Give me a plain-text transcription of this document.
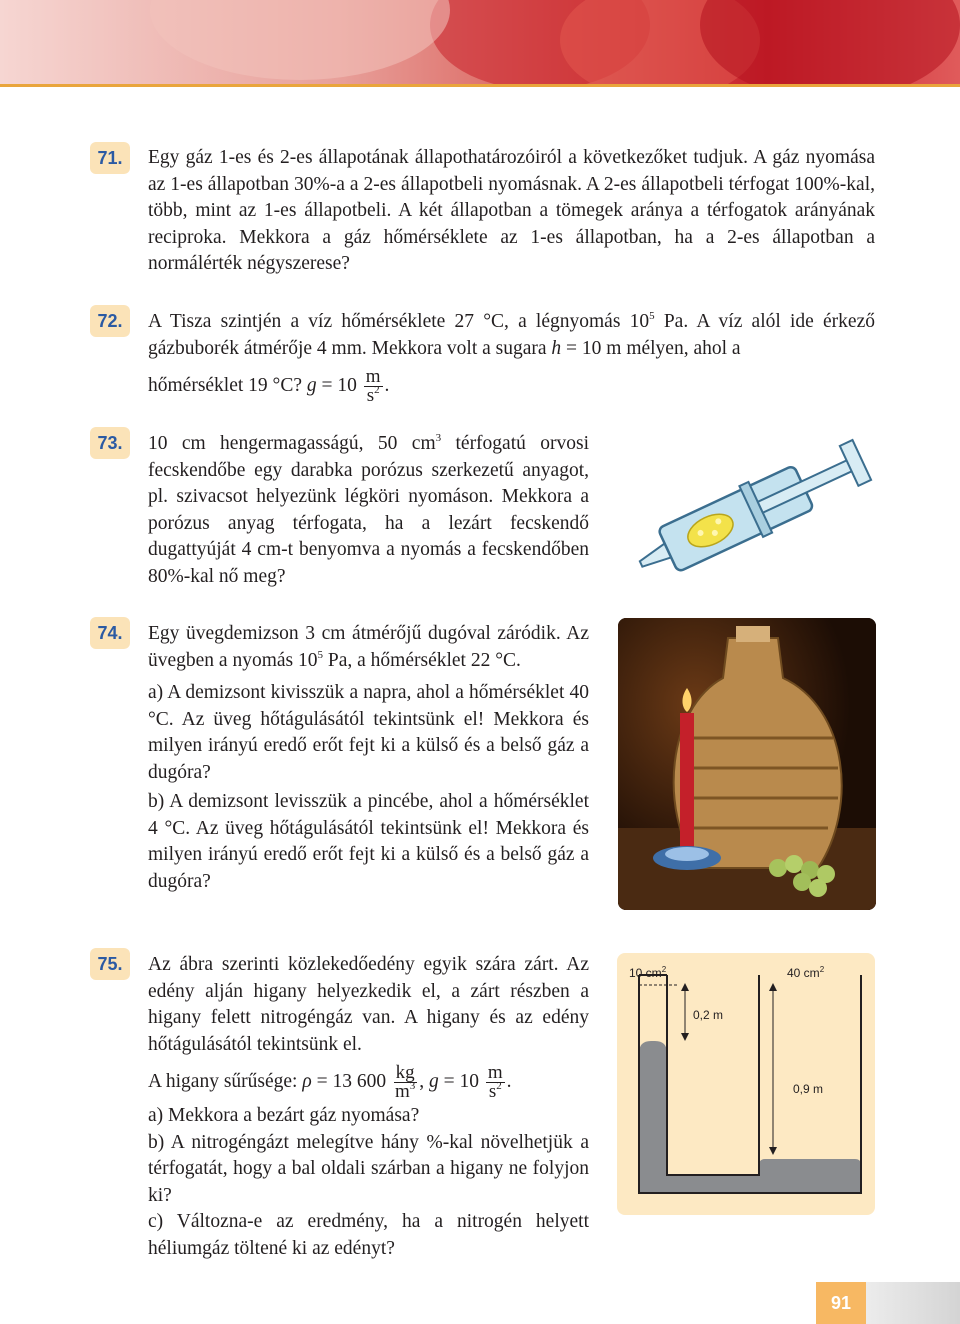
71. Egy gáz 1-es és 2-es állapotának állapothatározóiról a következőket tudjuk. A gáz nyomása az 1-es állapotban 30%-a a 2-es állapotbeli nyomásnak. A 2-es állapotbeli térfogat 100%-kal, több, mint az 1-es állapotbeli. A két állapotban a tömegek aránya a térfogatok arányának reciproka. Mekkora a gáz hőmérséklete az 1-es állapotban, ha a 2-es állapotban a normálérték négyszerese?

72. A Tisza szintjén a víz hőmérséklete 27 °C, a légnyomás $10^5$ Pa. A víz alól ide érkező gázbuborék átmérője 4 mm. Mekkora volt a sugara h = 10 m mélyen, ahol a

hőmérséklet 19 °C? $g = 10 \frac{m}{s^2}$ .

73. 10 cm hengermagasságú, 50 $cm^3$ térfogatú orvosi fecskendőbe egy darabka porózus szerkezetű anyagot, pl. szivacsot helyezünk légköri nyomáson. Mekkora a porózus anyag térfogata, ha a lezárt fecskendő dugattyúját 4 cm-t benyomva a nyomás a fecskendőben 80%-kal nő meg?

74. Egy üvegdemizson 3 cm átmérőjű dugóval záródik. Az üvegben a nyomás $10^5$ Pa, a hőmérséklet 22 °C.

a) A demizsont kivisszük a napra, ahol a hőmérséklet 40 °C. Az üveg hőtágulásától tekintsünk el! Mekkora és milyen irányú eredő erőt fejt ki a külső és a belső gáz a dugóra?

b) A demizsont levisszük a pincébe, ahol a hőmérséklet 4 °C. Az üveg hőtágulásától tekintsünk el! Mekkora és milyen irányú eredő erőt fejt ki a külső és a belső gáz a dugóra?

75. Az ábra szerinti közlekedőedény egyik szára zárt. Az edény alján higany helyezkedik el, a zárt részben a higany felett nitrogéngáz van. A higany és az edény hőtágulásától tekintsünk el.

A higany sűrűsége: ρ = 13 $600 \frac{kg}{m^3}$ , $g = 10 \frac{m}{s^2}$ .

a) Mekkora a bezárt gáz nyomása?

b) A nitrogéngázt melegítve hány %-kal növelhetjük a térfogatát, hogy a bal oldali szárban a higany ne folyjon ki?

c) Változna-e az eredmény, ha a nitrogén helyett héliumgáz töltené ki az edényt?

10 $cm^2$	40 $cm^2$
0,2 m
0,9 m
91
